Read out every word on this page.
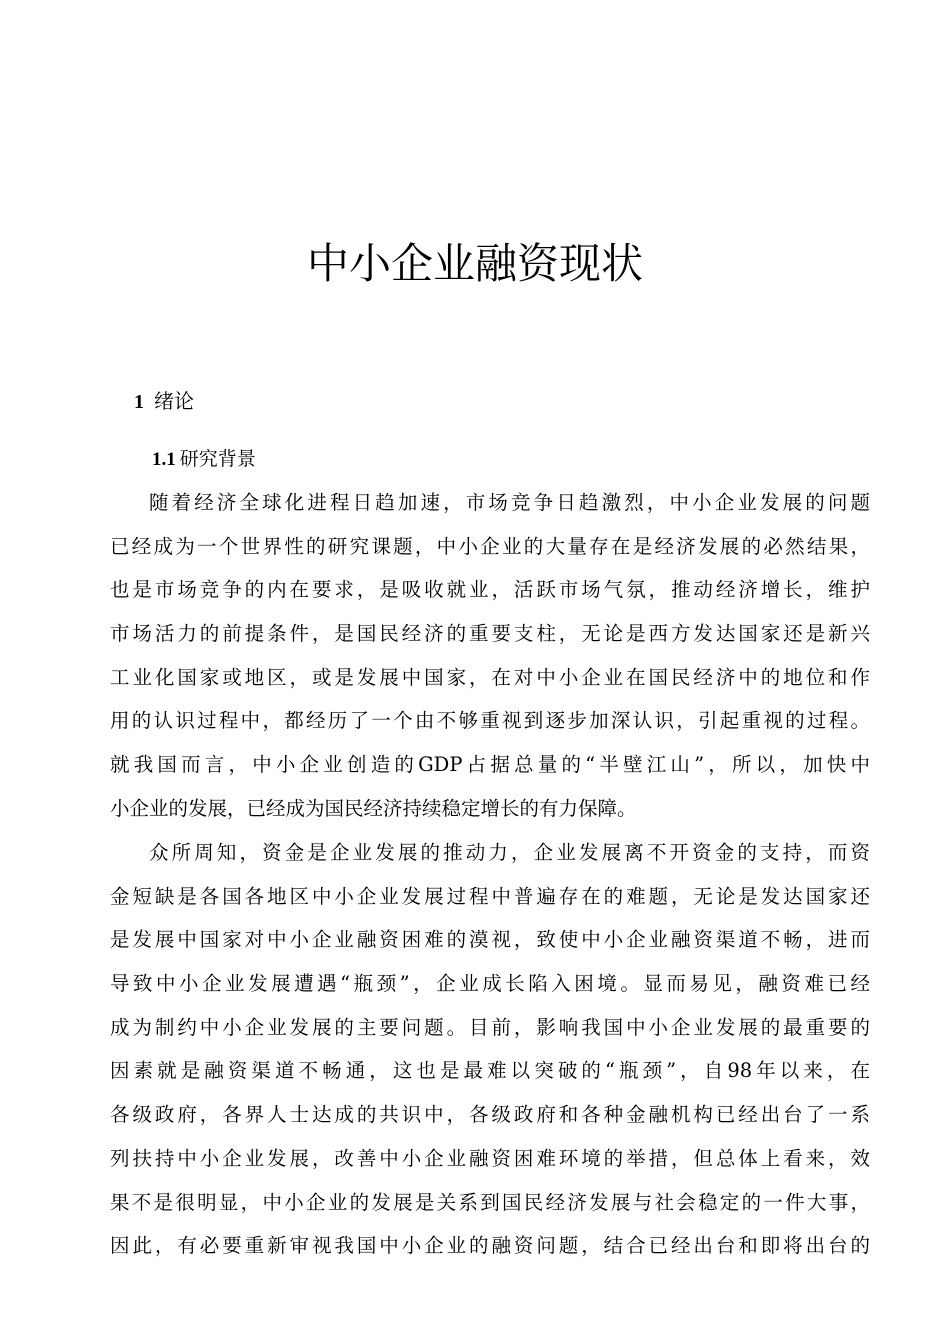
中小企业融资现状
1 绪论
1.1 研究背景
随着经济全球化进程日趋加速，市场竞争日趋激烈，中小企业发展的问题
已经成为一个世界性的研究课题，中小企业的大量存在是经济发展的必然结果，
也是市场竞争的内在要求，是吸收就业，活跃市场气氛，推动经济增长，维护
市场活力的前提条件，是国民经济的重要支柱，无论是西方发达国家还是新兴
工业化国家或地区，或是发展中国家，在对中小企业在国民经济中的地位和作
用的认识过程中，都经历了一个由不够重视到逐步加深认识，引起重视的过程。
就我国而言，中小企业创造的GDP占据总量的“半壁江山”，所以，加快中
小企业的发展，已经成为国民经济持续稳定增长的有力保障。
众所周知，资金是企业发展的推动力，企业发展离不开资金的支持，而资
金短缺是各国各地区中小企业发展过程中普遍存在的难题，无论是发达国家还
是发展中国家对中小企业融资困难的漠视，致使中小企业融资渠道不畅，进而
导致中小企业发展遭遇“瓶颈”，企业成长陷入困境。显而易见，融资难已经
成为制约中小企业发展的主要问题。目前，影响我国中小企业发展的最重要的
因素就是融资渠道不畅通，这也是最难以突破的“瓶颈”，自98年以来，在
各级政府，各界人士达成的共识中，各级政府和各种金融机构已经出台了一系
列扶持中小企业发展，改善中小企业融资困难环境的举措，但总体上看来，效
果不是很明显，中小企业的发展是关系到国民经济发展与社会稳定的一件大事，
因此，有必要重新审视我国中小企业的融资问题，结合已经出台和即将出台的
